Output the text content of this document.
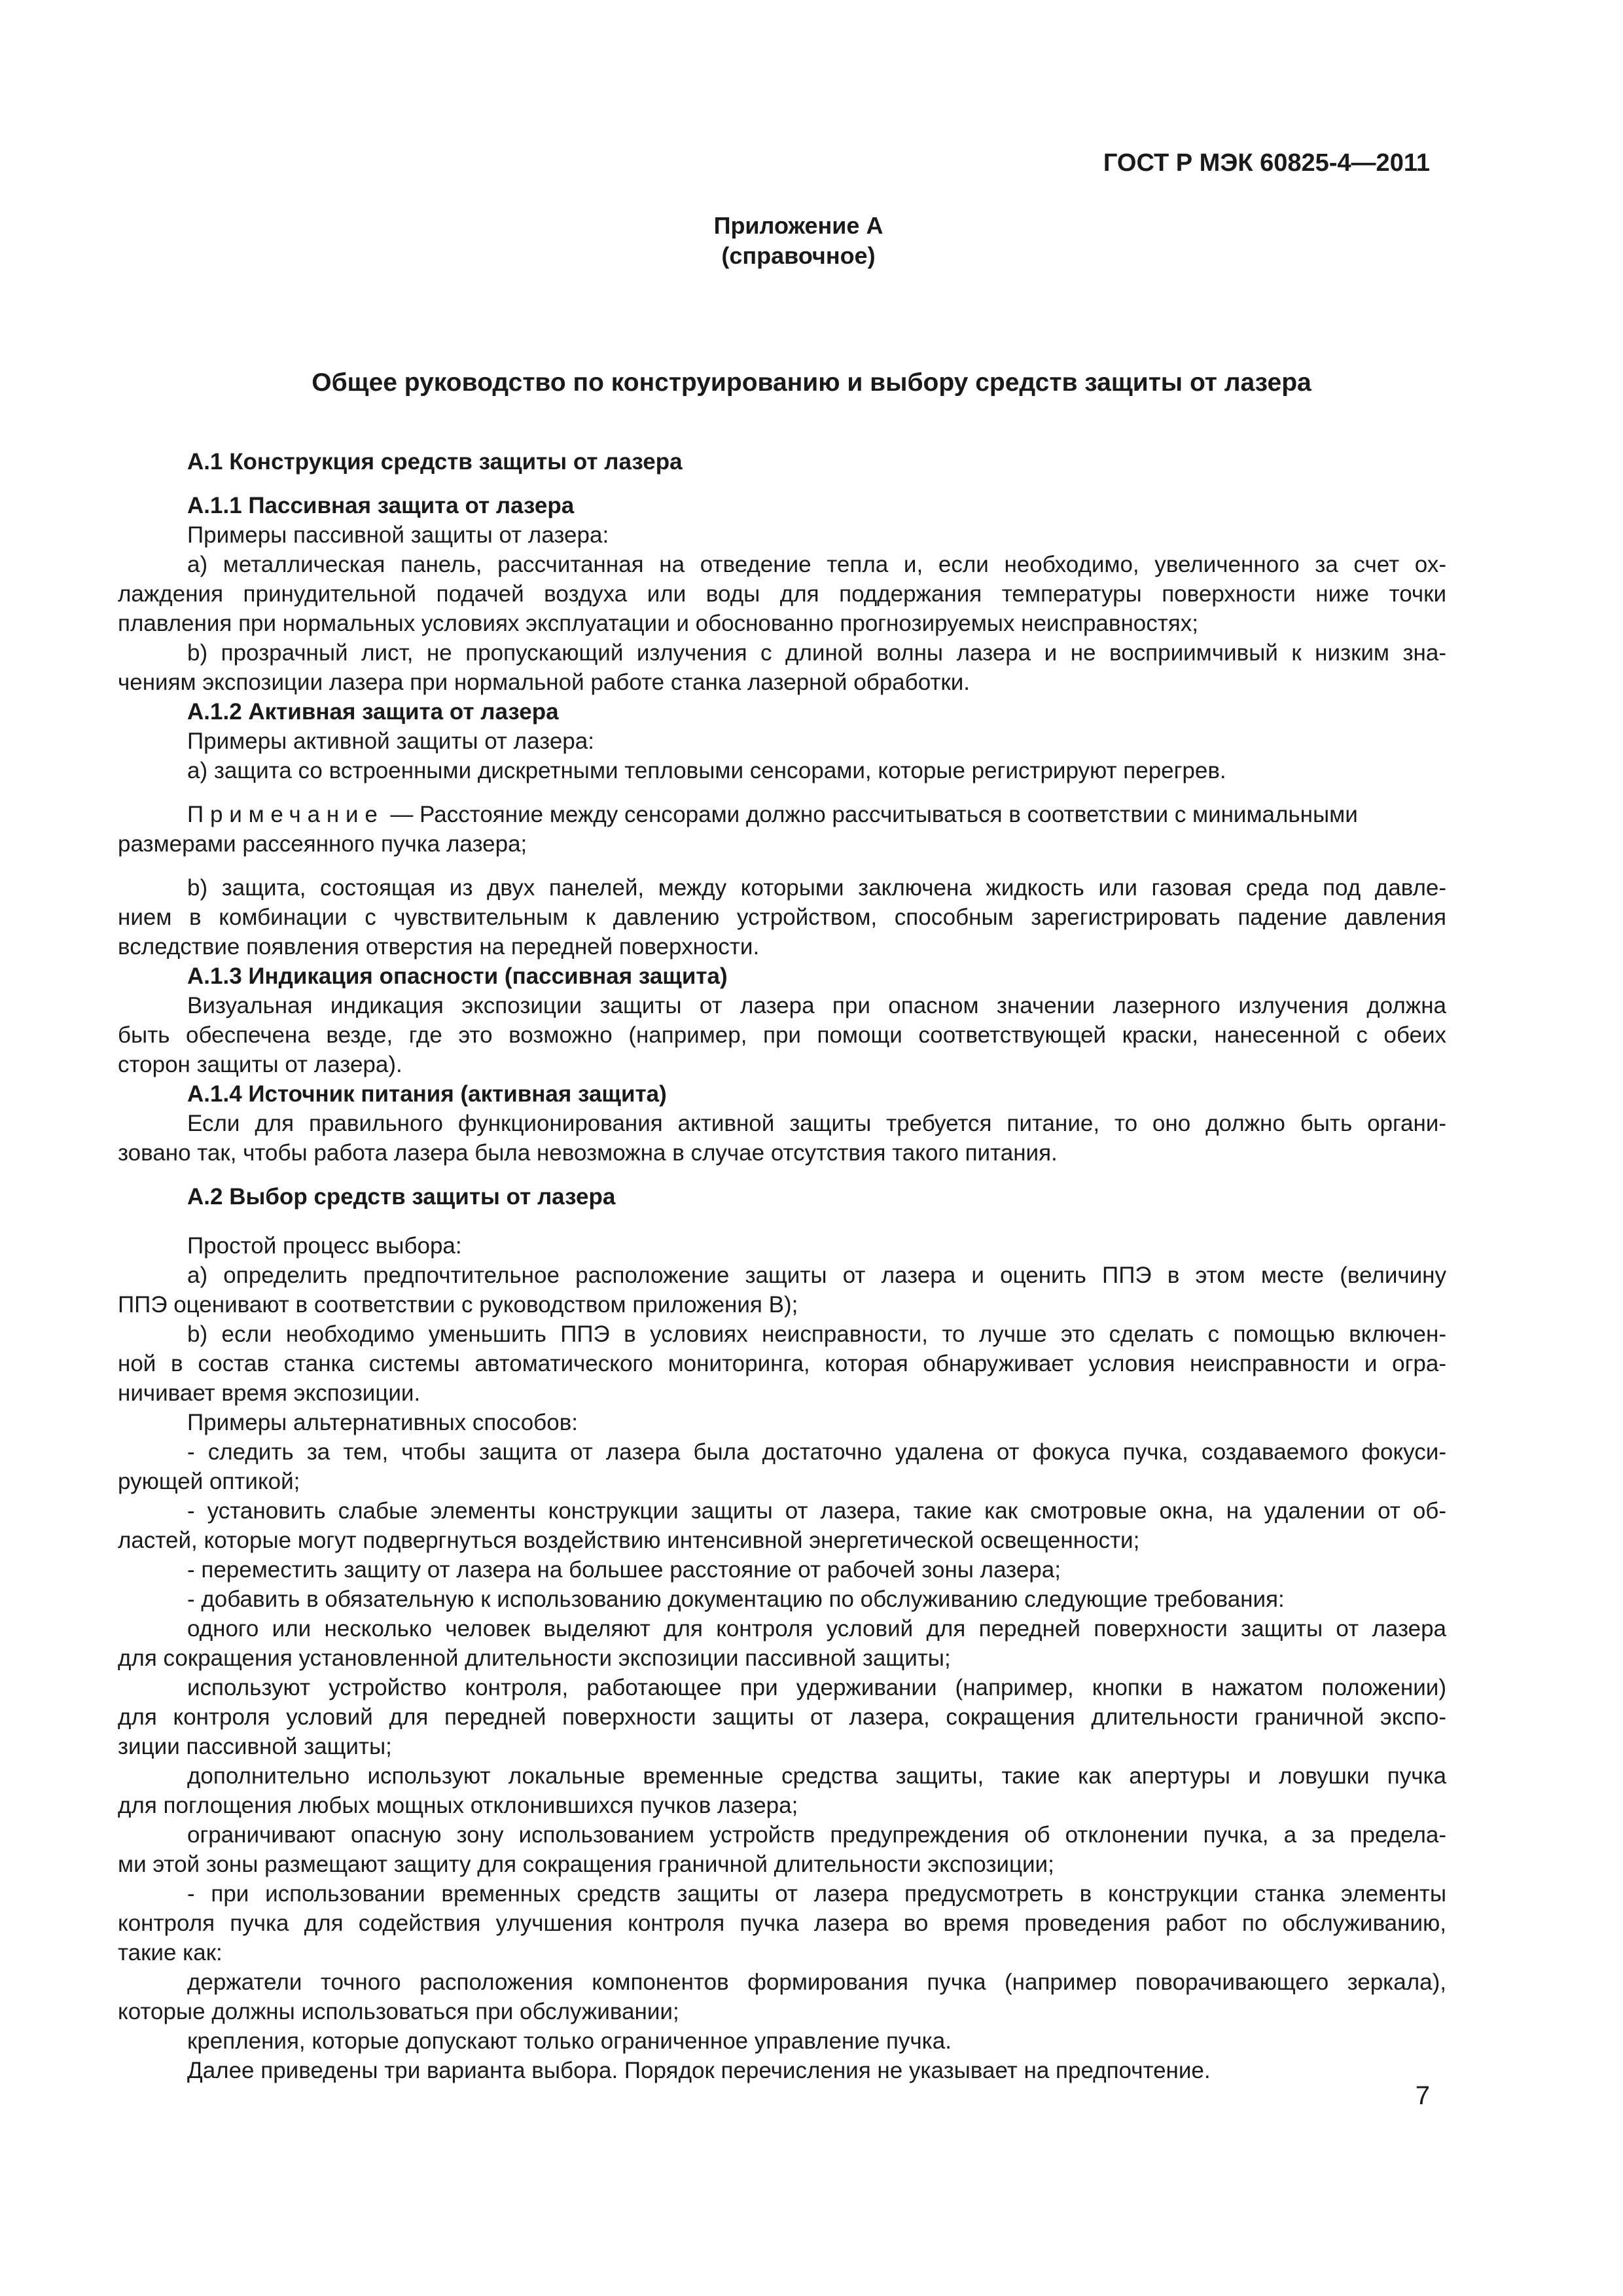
ГОСТ Р МЭК 60825-4—2011
Приложение А
(справочное)
Общее руководство по конструированию и выбору средств защиты от лазера
А.1 Конструкция средств защиты от лазера
А.1.1 Пассивная защита от лазера
Примеры пассивной защиты от лазера:
а) металлическая панель, рассчитанная на отведение тепла и, если необходимо, увеличенного за счет ох-
лаждения принудительной подачей воздуха или воды для поддержания температуры поверхности ниже точки
плавления при нормальных условиях эксплуатации и обоснованно прогнозируемых неисправностях;
b) прозрачный лист, не пропускающий излучения с длиной волны лазера и не восприимчивый к низким зна-
чениям экспозиции лазера при нормальной работе станка лазерной обработки.
А.1.2 Активная защита от лазера
Примеры активной защиты от лазера:
а) защита со встроенными дискретными тепловыми сенсорами, которые регистрируют перегрев.
Примечание — Расстояние между сенсорами должно рассчитываться в соответствии с минимальными
размерами рассеянного пучка лазера;
b) защита, состоящая из двух панелей, между которыми заключена жидкость или газовая среда под давле-
нием в комбинации с чувствительным к давлению устройством, способным зарегистрировать падение давления
вследствие появления отверстия на передней поверхности.
А.1.3 Индикация опасности (пассивная защита)
Визуальная индикация экспозиции защиты от лазера при опасном значении лазерного излучения должна
быть обеспечена везде, где это возможно (например, при помощи соответствующей краски, нанесенной с обеих
сторон защиты от лазера).
А.1.4 Источник питания (активная защита)
Если для правильного функционирования активной защиты требуется питание, то оно должно быть органи-
зовано так, чтобы работа лазера была невозможна в случае отсутствия такого питания.
А.2 Выбор средств защиты от лазера
Простой процесс выбора:
а) определить предпочтительное расположение защиты от лазера и оценить ППЭ в этом месте (величину
ППЭ оценивают в соответствии с руководством приложения В);
b) если необходимо уменьшить ППЭ в условиях неисправности, то лучше это сделать с помощью включен-
ной в состав станка системы автоматического мониторинга, которая обнаруживает условия неисправности и огра-
ничивает время экспозиции.
Примеры альтернативных способов:
- следить за тем, чтобы защита от лазера была достаточно удалена от фокуса пучка, создаваемого фокуси-
рующей оптикой;
- установить слабые элементы конструкции защиты от лазера, такие как смотровые окна, на удалении от об-
ластей, которые могут подвергнуться воздействию интенсивной энергетической освещенности;
- переместить защиту от лазера на большее расстояние от рабочей зоны лазера;
- добавить в обязательную к использованию документацию по обслуживанию следующие требования:
одного или несколько человек выделяют для контроля условий для передней поверхности защиты от лазера
для сокращения установленной длительности экспозиции пассивной защиты;
используют устройство контроля, работающее при удерживании (например, кнопки в нажатом положении)
для контроля условий для передней поверхности защиты от лазера, сокращения длительности граничной экспо-
зиции пассивной защиты;
дополнительно используют локальные временные средства защиты, такие как апертуры и ловушки пучка
для поглощения любых мощных отклонившихся пучков лазера;
ограничивают опасную зону использованием устройств предупреждения об отклонении пучка, а за предела-
ми этой зоны размещают защиту для сокращения граничной длительности экспозиции;
- при использовании временных средств защиты от лазера предусмотреть в конструкции станка элементы
контроля пучка для содействия улучшения контроля пучка лазера во время проведения работ по обслуживанию,
такие как:
держатели точного расположения компонентов формирования пучка (например поворачивающего зеркала),
которые должны использоваться при обслуживании;
крепления, которые допускают только ограниченное управление пучка.
Далее приведены три варианта выбора. Порядок перечисления не указывает на предпочтение.
7
